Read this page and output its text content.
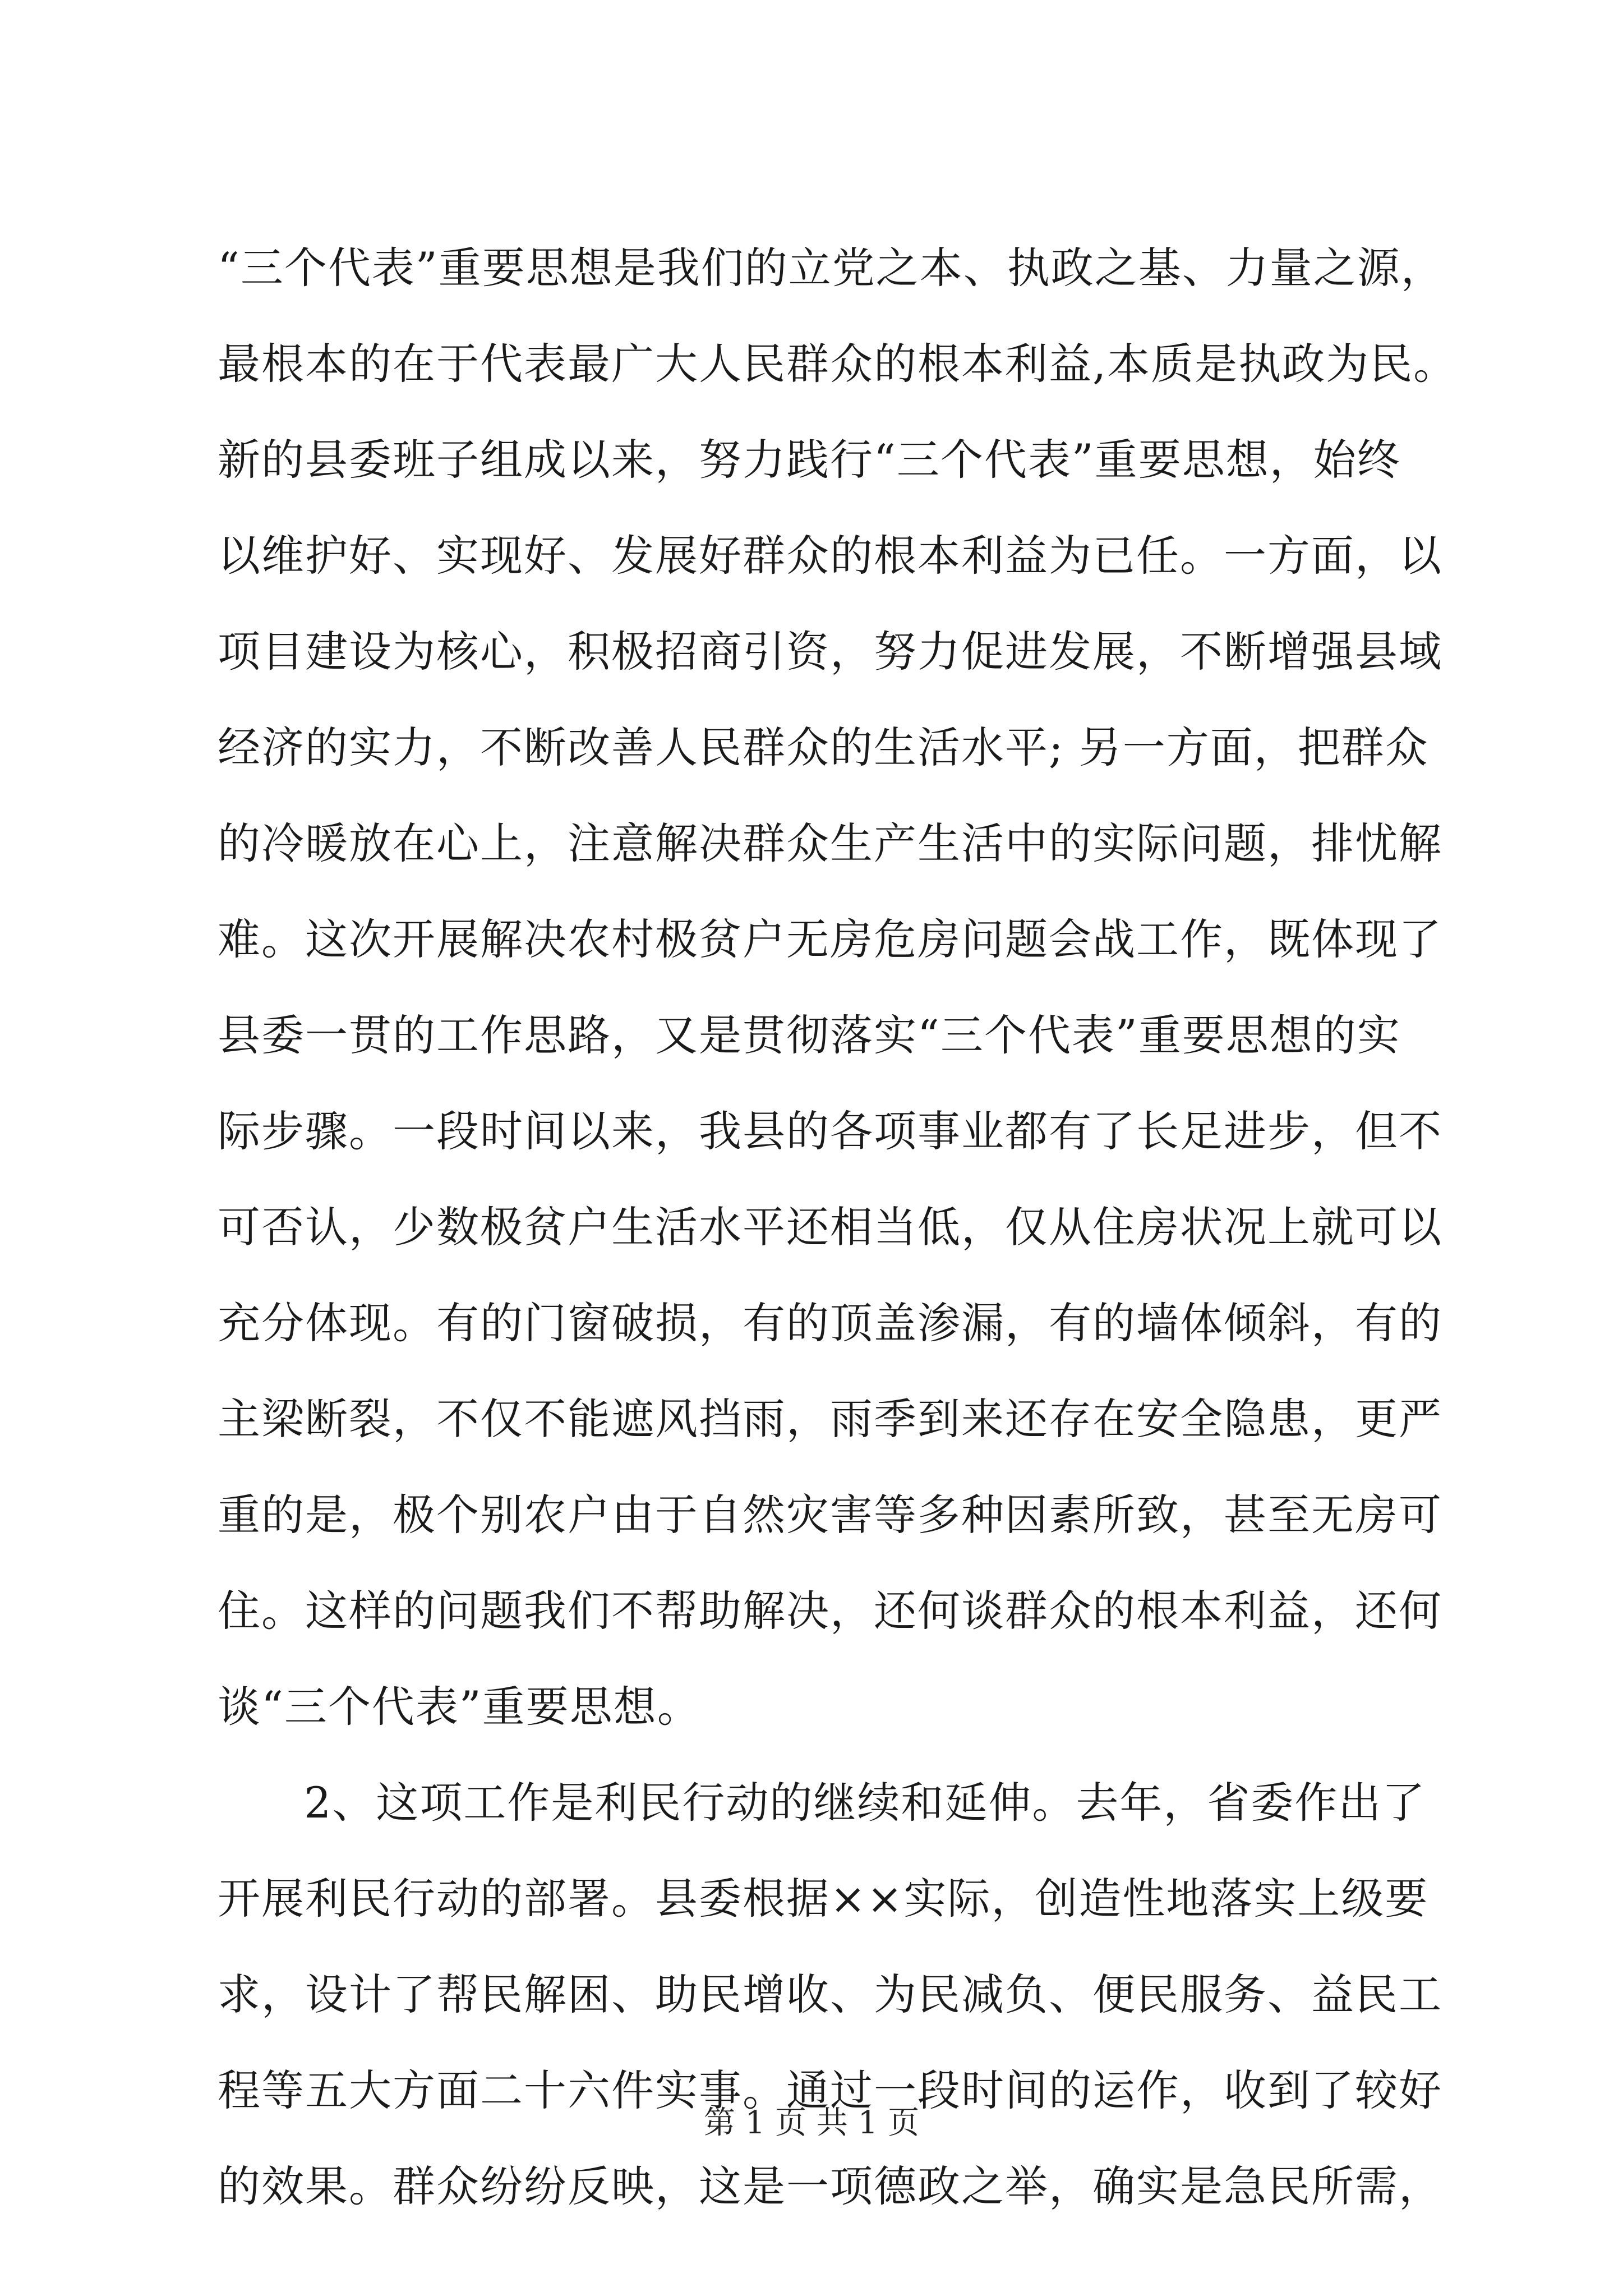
“三个代表”重要思想是我们的立党之本、执政之基、力量之源，
最根本的在于代表最广大人民群众的根本利益,本质是执政为民。
新的县委班子组成以来，努力践行“三个代表”重要思想，始终
以维护好、实现好、发展好群众的根本利益为已任。一方面，以
项目建设为核心，积极招商引资，努力促进发展，不断增强县域
经济的实力，不断改善人民群众的生活水平; 另一方面，把群众
的冷暖放在心上，注意解决群众生产生活中的实际问题，排忧解
难。这次开展解决农村极贫户无房危房问题会战工作，既体现了
县委一贯的工作思路，又是贯彻落实“三个代表”重要思想的实
际步骤。一段时间以来，我县的各项事业都有了长足进步，但不
可否认，少数极贫户生活水平还相当低，仅从住房状况上就可以
充分体现。有的门窗破损，有的顶盖渗漏，有的墙体倾斜，有的
主梁断裂，不仅不能遮风挡雨，雨季到来还存在安全隐患，更严
重的是，极个别农户由于自然灾害等多种因素所致，甚至无房可
住。这样的问题我们不帮助解决，还何谈群众的根本利益，还何
谈“三个代表”重要思想。
2、这项工作是利民行动的继续和延伸。去年，省委作出了
开展利民行动的部署。县委根据××实际，创造性地落实上级要
求，设计了帮民解困、助民增收、为民减负、便民服务、益民工
程等五大方面二十六件实事。通过一段时间的运作，收到了较好
的效果。群众纷纷反映，这是一项德政之举，确实是急民所需，
第 1 页 共 1 页
